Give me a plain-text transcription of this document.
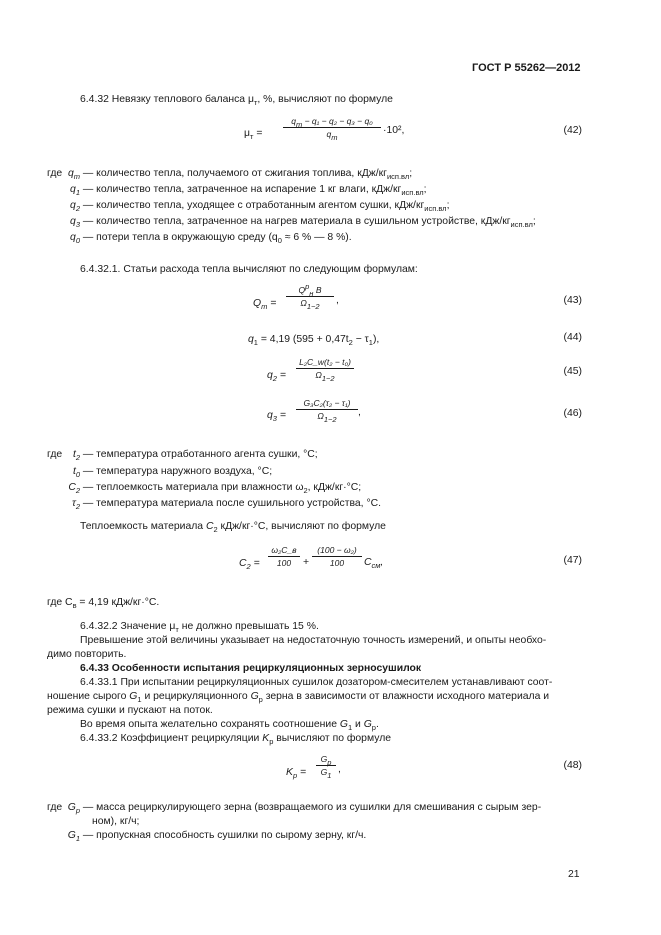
ГОСТ Р 55262—2012
6.4.32 Невязку теплового баланса $\mu_т$, %, вычисляют по формуле
$\mu_т$ =
$q_т - q_1 - q_2 - q_3 - q_0$
$q_т$
·10²,	(42)
где $q_т$ — количество тепла, получаемого от сжигания топлива, кДж/$кг_{исп.вл}$;
$q_1$ — количество тепла, затраченное на испарение 1 кг влаги, кДж/$кг_{исп.вл}$;
$q_2$ — количество тепла, уходящее с отработанным агентом сушки, кДж/$кг_{исп.вл}$;
$q_3$ — количество тепла, затраченное на нагрев материала в сушильном устройстве, кДж/$кг_{исп.вл}$;
$q_0$ — потери тепла в окружающую среду ($q_0 \approx 6$ % — 8 %).
6.4.32.1. Статьи расхода тепла вычисляют по следующим формулам:
$Q_т$ =
$Q^р_н$ B
$\Omega_{1-2}$
,	(43)
$q_1 = 4,19$ $(595 + 0,47t_2 - \tau_1)$,	(44)
$q_2 = \frac{\text{L₂C\_w(t₂ − t₀)}}{\Omega_{1-2}}$	(45)
$q_3 = \frac{\text{G₃C₂(τ₂ − τ₁)}}{\Omega_{1-2}}$ ,	(46)
где	$t_2$ — температура отработанного агента сушки, °С;
$t_0$ — температура наружного воздуха, °С;
$C_2$ — теплоемкость материала при влажности $\omega_2$, кДж/кг·°С;
$\tau_2$ — температура материала после сушильного устройства, °С.
Теплоемкость материала $C_2$ кДж/кг·°С, вычисляют по формуле
$C_2$ =
ω₂C_в
100	+ $\frac{\text{(100 − ω₂)}}{100} C_{см}$,	(47)
где $C_в = 4,19$ кДж/кг·°С.
6.4.32.2 Значение $\mu_т$ не должно превышать 15 %.
Превышение этой величины указывает на недостаточную точность измерений, и опыты необхо-
димо повторить.
6.4.33 Особенности испытания рециркуляционных зерносушилок
6.4.33.1 При испытании рециркуляционных сушилок дозатором-смесителем устанавливают соот-
ношение сырого $G_1$ и рециркуляционного $G_р$ зерна в зависимости от влажности исходного материала и
режима сушки и пускают на поток.
Во время опыта желательно сохранять соотношение $G_1$ и $G_р$.
6.4.33.2 Коэффициент рециркуляции $K_р$ вычисляют по формуле
$K_р$ =
$G_р$
$G_1$
,	(48)
где $G_р$ — масса рециркулирующего зерна (возвращаемого из сушилки для смешивания с сырым зер-
ном), кг/ч;
$G_1$ — пропускная способность сушилки по сырому зерну, кг/ч.
21
